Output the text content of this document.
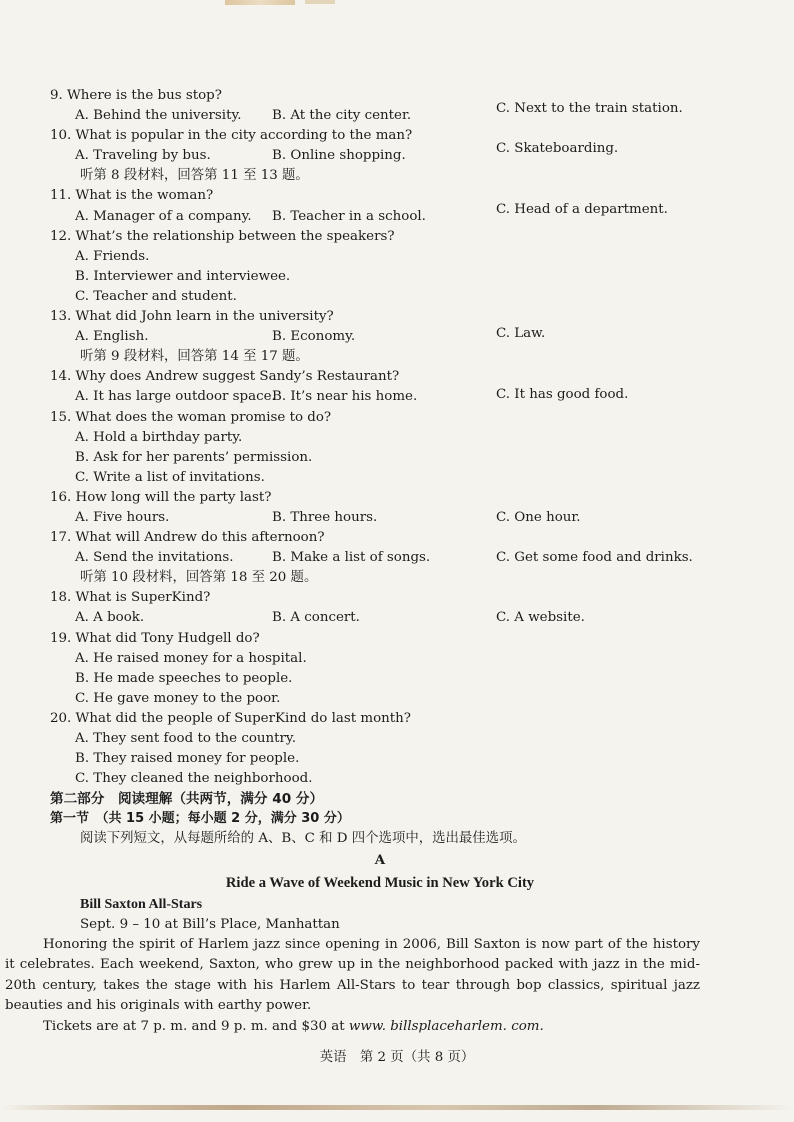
9. Where is the bus stop?
A. Behind the university. B. At the city center.	C. Next to the train station.
10. What is popular in the city according to the man?
A. Traveling by bus.	B. Online shopping.	C. Skateboarding.
听第 8 段材料，回答第 11 至 13 题。
11. What is the woman?
A. Manager of a company. B. Teacher in a school.	C. Head of a department.
12. What’s the relationship between the speakers?
A. Friends.
B. Interviewer and interviewee.
C. Teacher and student.
13. What did John learn in the university?
A. English.	B. Economy.	C. Law.
听第 9 段材料，回答第 14 至 17 题。
14. Why does Andrew suggest Sandy’s Restaurant?
A. It has large outdoor space.
B. It’s near his home.	C. It has good food.
15. What does the woman promise to do?
A. Hold a birthday party.
B. Ask for her parents’ permission.
C. Write a list of invitations.
16. How long will the party last?
A. Five hours.	B. Three hours.	C. One hour.
17. What will Andrew do this afternoon?
A. Send the invitations.	B. Make a list of songs.	C. Get some food and drinks.
听第 10 段材料，回答第 18 至 20 题。
18. What is SuperKind?
A. A book.	B. A concert.	C. A website.
19. What did Tony Hudgell do?
A. He raised money for a hospital.
B. He made speeches to people.
C. He gave money to the poor.
20. What did the people of SuperKind do last month?
A. They sent food to the country.
B. They raised money for people.
C. They cleaned the neighborhood.
第二部分　阅读理解（共两节，满分 40 分）
第一节　（共 15 小题；每小题 2 分，满分 30 分）
阅读下列短文，从每题所给的 A、B、C 和 D 四个选项中，选出最佳选项。
A
Ride a Wave of Weekend Music in New York City
Bill Saxton All-Stars
Sept. 9 – 10 at Bill’s Place, Manhattan
Honoring the spirit of Harlem jazz since opening in 2006, Bill Saxton is now part of the history it celebrates. Each weekend, Saxton, who grew up in the neighborhood packed with jazz in the mid-20th century, takes the stage with his Harlem All-Stars to tear through bop classics, spiritual jazz beauties and his originals with earthy power.
Tickets are at 7 p. m. and 9 p. m. and $30 at www. billsplaceharlem. com.
英语　第 2 页（共 8 页）
